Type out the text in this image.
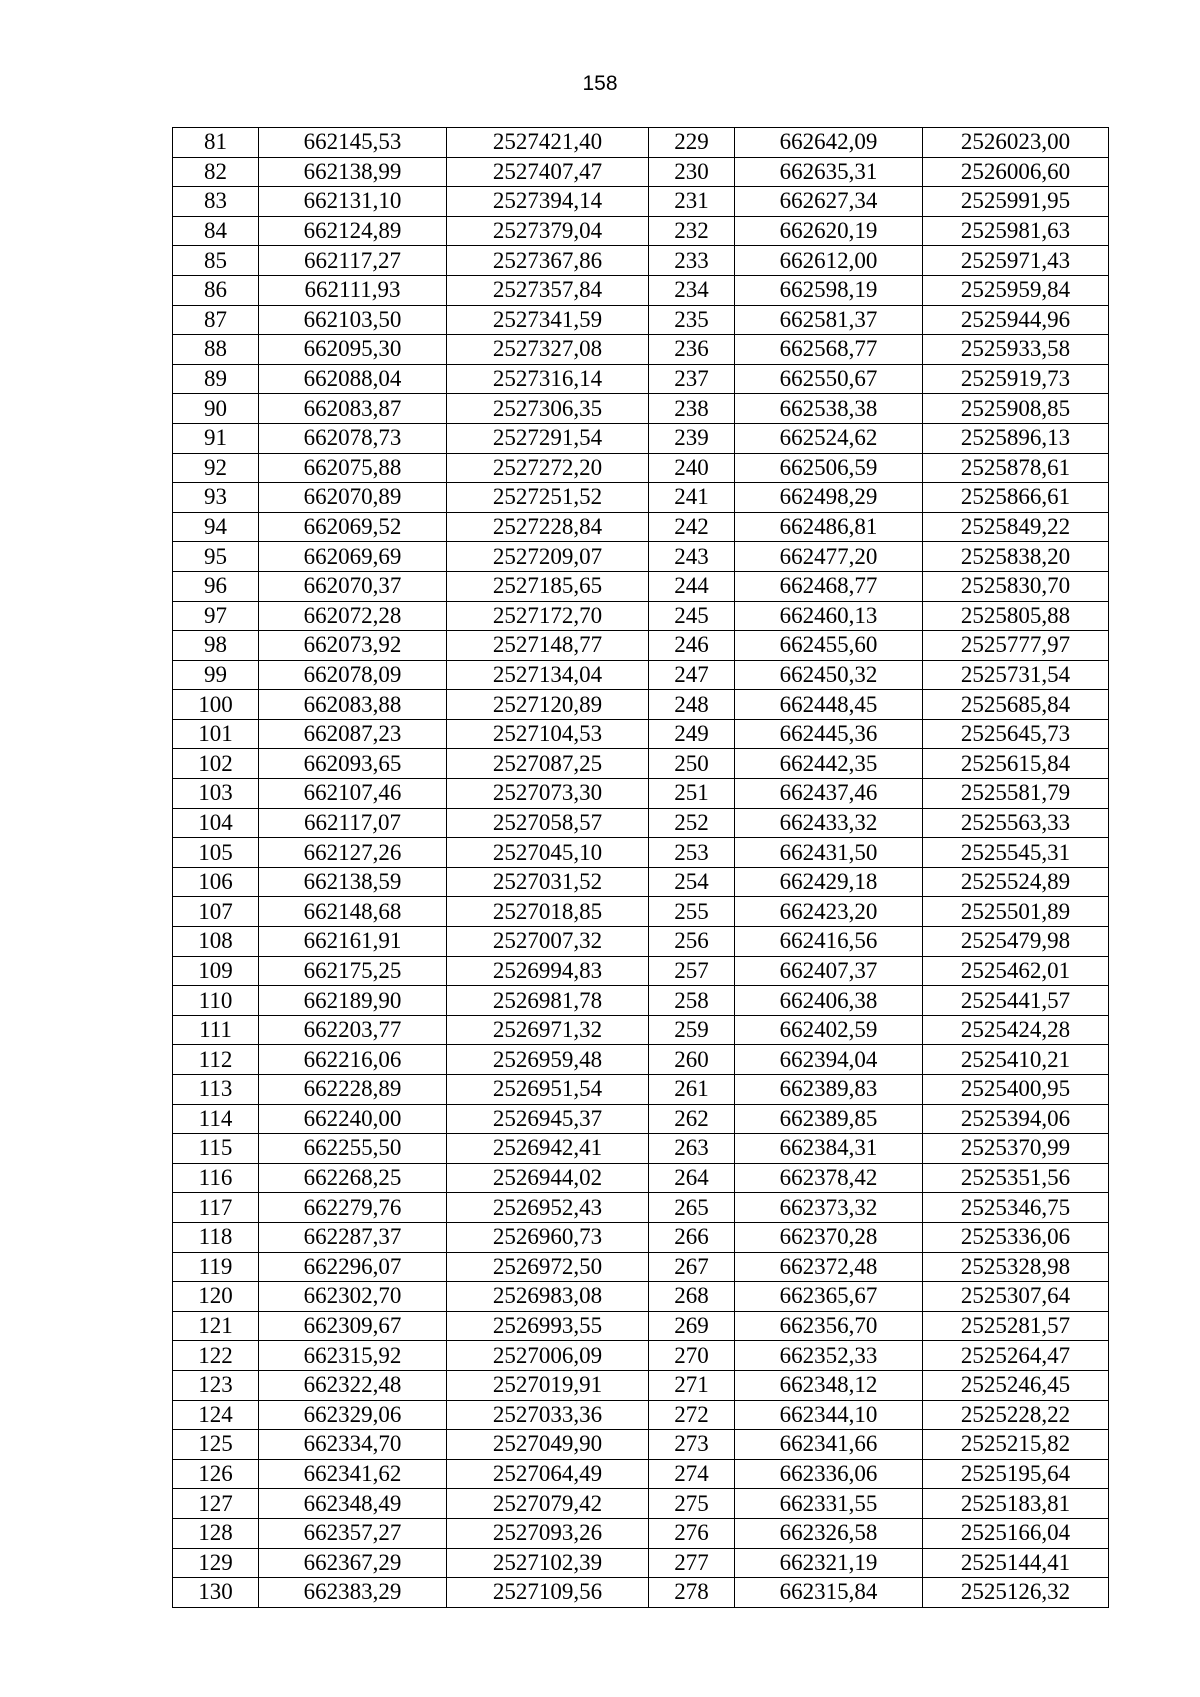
158
81	662145,53	2527421,40	229	662642,09	2526023,00
82	662138,99	2527407,47	230	662635,31	2526006,60
83	662131,10	2527394,14	231	662627,34	2525991,95
84	662124,89	2527379,04	232	662620,19	2525981,63
85	662117,27	2527367,86	233	662612,00	2525971,43
86	662111,93	2527357,84	234	662598,19	2525959,84
87	662103,50	2527341,59	235	662581,37	2525944,96
88	662095,30	2527327,08	236	662568,77	2525933,58
89	662088,04	2527316,14	237	662550,67	2525919,73
90	662083,87	2527306,35	238	662538,38	2525908,85
91	662078,73	2527291,54	239	662524,62	2525896,13
92	662075,88	2527272,20	240	662506,59	2525878,61
93	662070,89	2527251,52	241	662498,29	2525866,61
94	662069,52	2527228,84	242	662486,81	2525849,22
95	662069,69	2527209,07	243	662477,20	2525838,20
96	662070,37	2527185,65	244	662468,77	2525830,70
97	662072,28	2527172,70	245	662460,13	2525805,88
98	662073,92	2527148,77	246	662455,60	2525777,97
99	662078,09	2527134,04	247	662450,32	2525731,54
100	662083,88	2527120,89	248	662448,45	2525685,84
101	662087,23	2527104,53	249	662445,36	2525645,73
102	662093,65	2527087,25	250	662442,35	2525615,84
103	662107,46	2527073,30	251	662437,46	2525581,79
104	662117,07	2527058,57	252	662433,32	2525563,33
105	662127,26	2527045,10	253	662431,50	2525545,31
106	662138,59	2527031,52	254	662429,18	2525524,89
107	662148,68	2527018,85	255	662423,20	2525501,89
108	662161,91	2527007,32	256	662416,56	2525479,98
109	662175,25	2526994,83	257	662407,37	2525462,01
110	662189,90	2526981,78	258	662406,38	2525441,57
111	662203,77	2526971,32	259	662402,59	2525424,28
112	662216,06	2526959,48	260	662394,04	2525410,21
113	662228,89	2526951,54	261	662389,83	2525400,95
114	662240,00	2526945,37	262	662389,85	2525394,06
115	662255,50	2526942,41	263	662384,31	2525370,99
116	662268,25	2526944,02	264	662378,42	2525351,56
117	662279,76	2526952,43	265	662373,32	2525346,75
118	662287,37	2526960,73	266	662370,28	2525336,06
119	662296,07	2526972,50	267	662372,48	2525328,98
120	662302,70	2526983,08	268	662365,67	2525307,64
121	662309,67	2526993,55	269	662356,70	2525281,57
122	662315,92	2527006,09	270	662352,33	2525264,47
123	662322,48	2527019,91	271	662348,12	2525246,45
124	662329,06	2527033,36	272	662344,10	2525228,22
125	662334,70	2527049,90	273	662341,66	2525215,82
126	662341,62	2527064,49	274	662336,06	2525195,64
127	662348,49	2527079,42	275	662331,55	2525183,81
128	662357,27	2527093,26	276	662326,58	2525166,04
129	662367,29	2527102,39	277	662321,19	2525144,41
130	662383,29	2527109,56	278	662315,84	2525126,32
